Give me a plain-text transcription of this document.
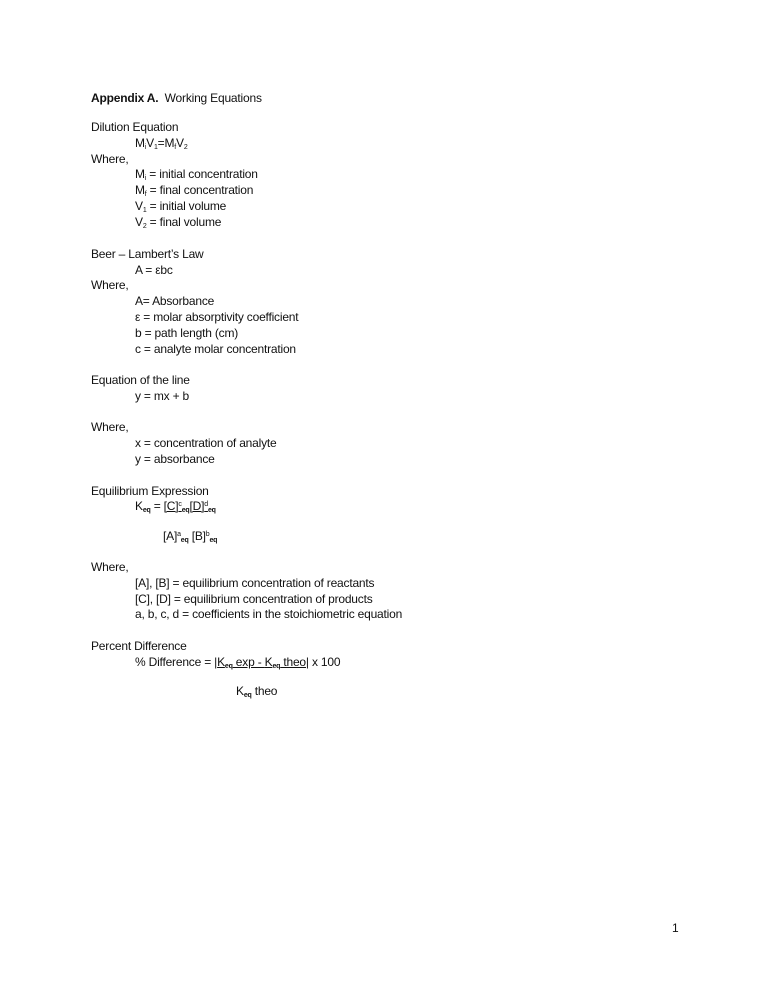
Appendix A. Working Equations
Dilution Equation
$M_iV_1=M_fV_2$
Where,
$M_i$ = initial concentration
$M_f$ = final concentration
$V_1$ = initial volume
$V_2$ = final volume
Beer – Lambert’s Law
A = εbc
Where,
A= Absorbance
ε = molar absorptivity coefficient
b = path length (cm)
c = analyte molar concentration
Equation of the line
y = mx + b
Where,
x = concentration of analyte
y = absorbance
Equilibrium Expression
$K_{eq} = [C]^c_{eq}[D]^d_{eq}$
$[A]^a_{eq}$ $[B]^b_{eq}$
Where,
[A], [B] = equilibrium concentration of reactants
[C], [D] = equilibrium concentration of products
a, b, c, d = coefficients in the stoichiometric equation
Percent Difference
% Difference = $|K_{eq}$ exp - $K_{eq}$ theo| x 100
$K_{eq}$ theo
1
